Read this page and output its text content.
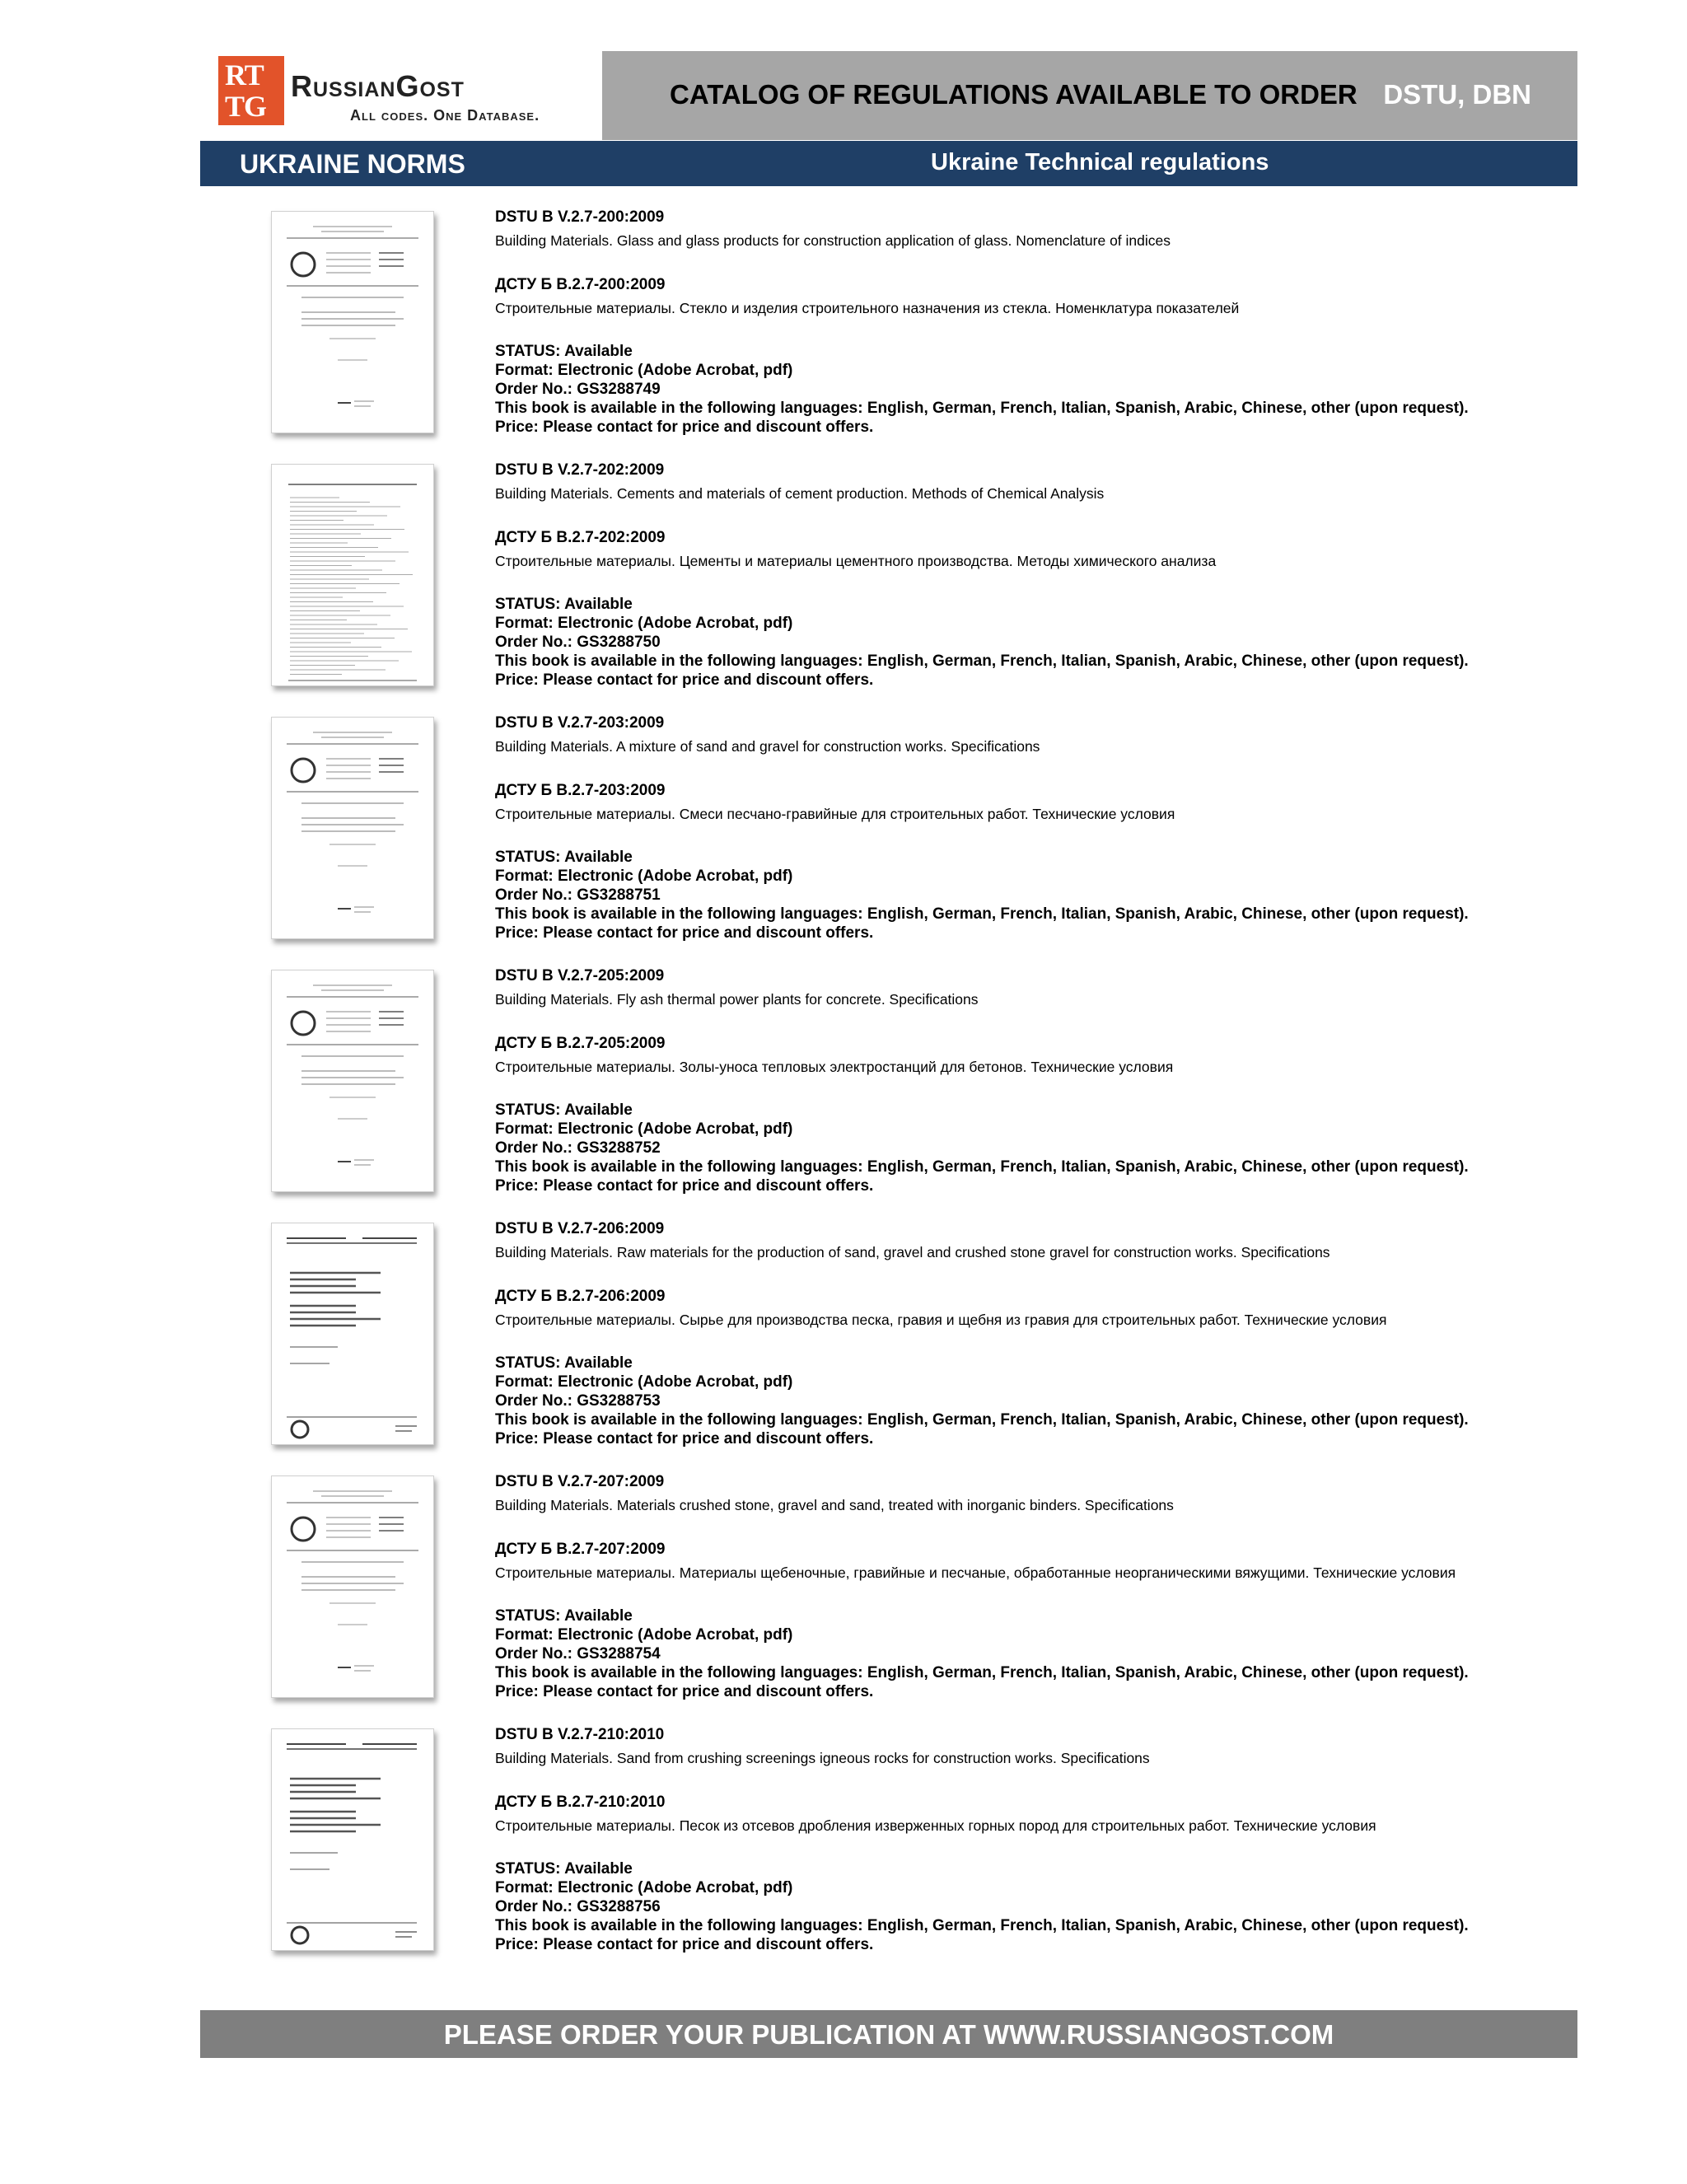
RT
TG
RussianGost
All codes. One Database.
CATALOG OF REGULATIONS AVAILABLE TO ORDER DSTU, DBN
UKRAINE NORMS	Ukraine Technical regulations
DSTU B V.2.7-200:2009
Building Materials. Glass and glass products for construction application of glass. Nomenclature of indices
ДСТУ Б В.2.7-200:2009
Строительные материалы. Стекло и изделия строительного назначения из стекла. Номенклатура показателей
STATUS: Available
Format: Electronic (Adobe Acrobat, pdf)
Order No.: GS3288749
This book is available in the following languages: English, German, French, Italian, Spanish, Arabic, Chinese, other (upon request).
Price: Please contact for price and discount offers.
DSTU B V.2.7-202:2009
Building Materials. Cements and materials of cement production. Methods of Chemical Analysis
ДСТУ Б В.2.7-202:2009
Строительные материалы. Цементы и материалы цементного производства. Методы химического анализа
STATUS: Available
Format: Electronic (Adobe Acrobat, pdf)
Order No.: GS3288750
This book is available in the following languages: English, German, French, Italian, Spanish, Arabic, Chinese, other (upon request).
Price: Please contact for price and discount offers.
DSTU B V.2.7-203:2009
Building Materials. A mixture of sand and gravel for construction works. Specifications
ДСТУ Б В.2.7-203:2009
Строительные материалы. Смеси песчано-гравийные для строительных работ. Технические условия
STATUS: Available
Format: Electronic (Adobe Acrobat, pdf)
Order No.: GS3288751
This book is available in the following languages: English, German, French, Italian, Spanish, Arabic, Chinese, other (upon request).
Price: Please contact for price and discount offers.
DSTU B V.2.7-205:2009
Building Materials. Fly ash thermal power plants for concrete. Specifications
ДСТУ Б В.2.7-205:2009
Строительные материалы. Золы-уноса тепловых электростанций для бетонов. Технические условия
STATUS: Available
Format: Electronic (Adobe Acrobat, pdf)
Order No.: GS3288752
This book is available in the following languages: English, German, French, Italian, Spanish, Arabic, Chinese, other (upon request).
Price: Please contact for price and discount offers.
DSTU B V.2.7-206:2009
Building Materials. Raw materials for the production of sand, gravel and crushed stone gravel for construction works. Specifications
ДСТУ Б В.2.7-206:2009
Строительные материалы. Сырье для производства песка, гравия и щебня из гравия для строительных работ. Технические условия
STATUS: Available
Format: Electronic (Adobe Acrobat, pdf)
Order No.: GS3288753
This book is available in the following languages: English, German, French, Italian, Spanish, Arabic, Chinese, other (upon request).
Price: Please contact for price and discount offers.
DSTU B V.2.7-207:2009
Building Materials. Materials crushed stone, gravel and sand, treated with inorganic binders. Specifications
ДСТУ Б В.2.7-207:2009
Строительные материалы. Материалы щебеночные, гравийные и песчаные, обработанные неорганическими вяжущими. Технические условия
STATUS: Available
Format: Electronic (Adobe Acrobat, pdf)
Order No.: GS3288754
This book is available in the following languages: English, German, French, Italian, Spanish, Arabic, Chinese, other (upon request).
Price: Please contact for price and discount offers.
DSTU B V.2.7-210:2010
Building Materials. Sand from crushing screenings igneous rocks for construction works. Specifications
ДСТУ Б В.2.7-210:2010
Строительные материалы. Песок из отсевов дробления изверженных горных пород для строительных работ. Технические условия
STATUS: Available
Format: Electronic (Adobe Acrobat, pdf)
Order No.: GS3288756
This book is available in the following languages: English, German, French, Italian, Spanish, Arabic, Chinese, other (upon request).
Price: Please contact for price and discount offers.
PLEASE ORDER YOUR PUBLICATION AT WWW.RUSSIANGOST.COM
